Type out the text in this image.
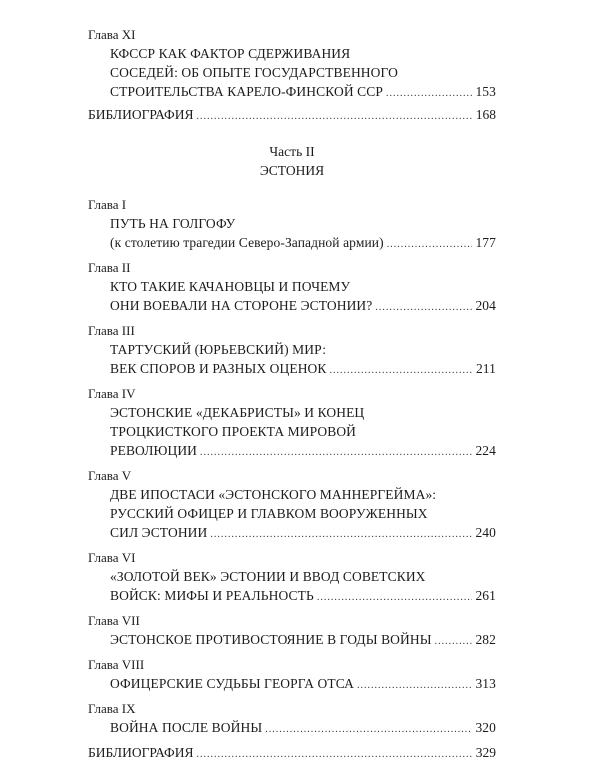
Глава XI
КФССР КАК ФАКТОР СДЕРЖИВАНИЯ
СОСЕДЕЙ: ОБ ОПЫТЕ ГОСУДАРСТВЕННОГО
СТРОИТЕЛЬСТВА КАРЕЛО-ФИНСКОЙ ССР .....	153
БИБЛИОГРАФИЯ .....	168
Часть II
ЭСТОНИЯ
Глава I
ПУТЬ НА ГОЛГОФУ
(к столетию трагедии Северо-Западной армии) .....	177
Глава II
КТО ТАКИЕ КАЧАНОВЦЫ И ПОЧЕМУ
ОНИ ВОЕВАЛИ НА СТОРОНЕ ЭСТОНИИ? .....	204
Глава III
ТАРТУСКИЙ (ЮРЬЕВСКИЙ) МИР:
ВЕК СПОРОВ И РАЗНЫХ ОЦЕНОК .....	211
Глава IV
ЭСТОНСКИЕ «ДЕКАБРИСТЫ» И КОНЕЦ
ТРОЦКИСТКОГО ПРОЕКТА МИРОВОЙ
РЕВОЛЮЦИИ .....	224
Глава V
ДВЕ ИПОСТАСИ «ЭСТОНСКОГО МАННЕРГЕЙМА»:
РУССКИЙ ОФИЦЕР И ГЛАВКОМ ВООРУЖЕННЫХ
СИЛ ЭСТОНИИ .....	240
Глава VI
«ЗОЛОТОЙ ВЕК» ЭСТОНИИ И ВВОД СОВЕТСКИХ
ВОЙСК: МИФЫ И РЕАЛЬНОСТЬ .....	261
Глава VII
ЭСТОНСКОЕ ПРОТИВОСТОЯНИЕ В ГОДЫ ВОЙНЫ .....	282
Глава VIII
ОФИЦЕРСКИЕ СУДЬБЫ ГЕОРГА ОТСА .....	313
Глава IX
ВОЙНА ПОСЛЕ ВОЙНЫ .....	320
БИБЛИОГРАФИЯ .....	329
